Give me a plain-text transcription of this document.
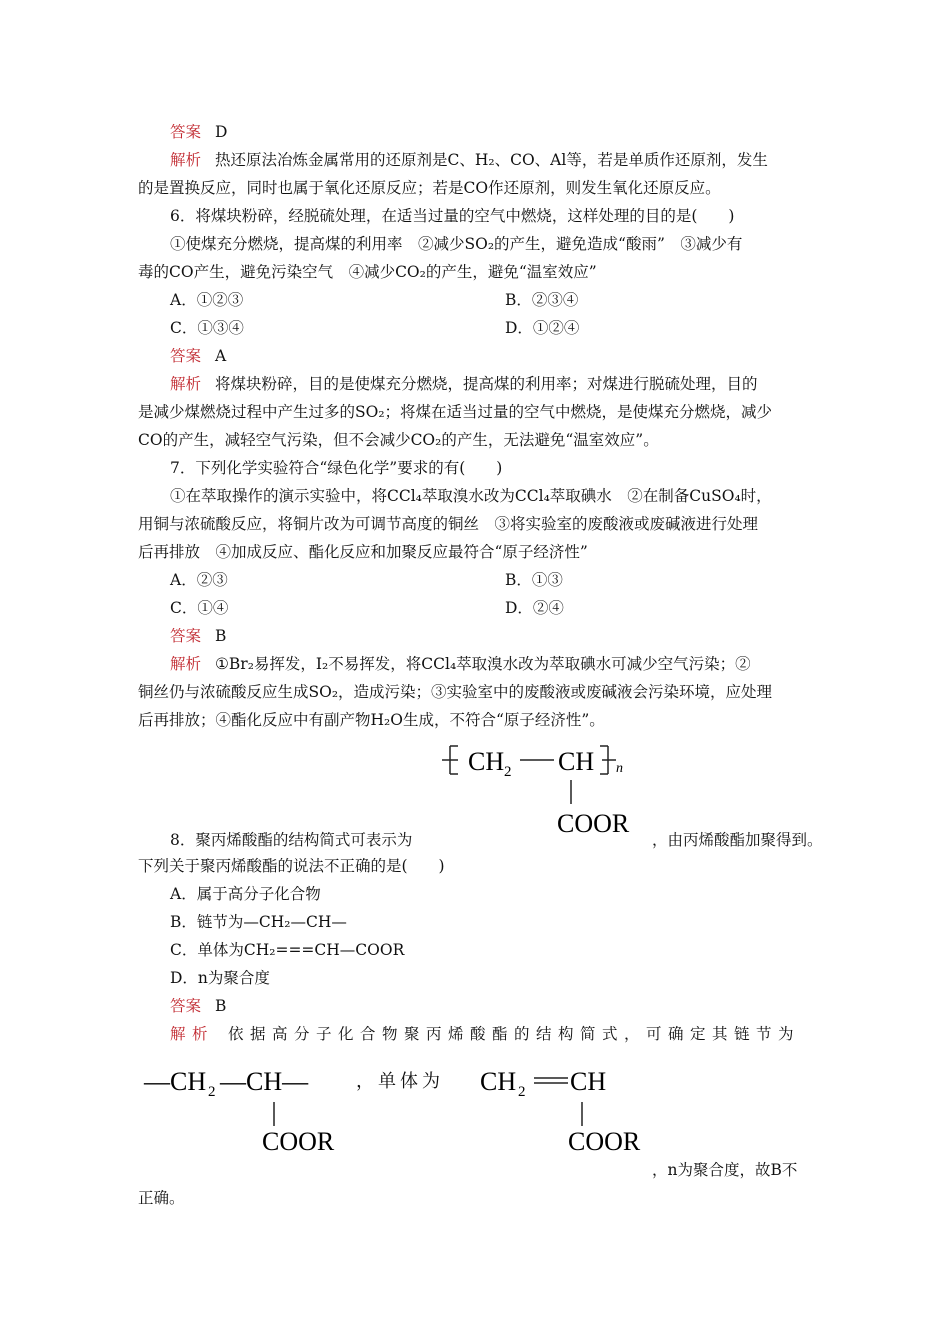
答案 D
解析 热还原法冶炼金属常用的还原剂是C、H₂、CO、Al等，若是单质作还原剂，发生
的是置换反应，同时也属于氧化还原反应；若是CO作还原剂，则发生氧化还原反应。
6．将煤块粉碎，经脱硫处理，在适当过量的空气中燃烧，这样处理的目的是(　　)
①使煤充分燃烧，提高煤的利用率　②减少SO₂的产生，避免造成“酸雨”　③减少有
毒的CO产生，避免污染空气　④减少CO₂的产生，避免“温室效应”
A．①②③	B．②③④
C．①③④	D．①②④
答案 A
解析 将煤块粉碎，目的是使煤充分燃烧，提高煤的利用率；对煤进行脱硫处理，目的
是减少煤燃烧过程中产生过多的SO₂；将煤在适当过量的空气中燃烧，是使煤充分燃烧，减少
CO的产生，减轻空气污染，但不会减少CO₂的产生，无法避免“温室效应”。
7．下列化学实验符合“绿色化学”要求的有(　　)
①在萃取操作的演示实验中，将CCl₄萃取溴水改为CCl₄萃取碘水　②在制备CuSO₄时，
用铜与浓硫酸反应，将铜片改为可调节高度的铜丝　③将实验室的废酸液或废碱液进行处理
后再排放　④加成反应、酯化反应和加聚反应最符合“原子经济性”
A．②③	B．①③
C．①④	D．②④
答案 B
解析 ①Br₂易挥发，I₂不易挥发，将CCl₄萃取溴水改为萃取碘水可减少空气污染；②
铜丝仍与浓硫酸反应生成SO₂，造成污染；③实验室中的废酸液或废碱液会污染环境，应处理
后再排放；④酯化反应中有副产物H₂O生成，不符合“原子经济性”。
CH 2 CH n
COOR
8．聚丙烯酸酯的结构简式可表示为	，由丙烯酸酯加聚得到。
下列关于聚丙烯酸酯的说法不正确的是(　　)
A．属于高分子化合物
B．链节为—CH₂—CH—
C．单体为CH₂===CH—COOR
D．n为聚合度
答案 B
解析 依据高分子化合物聚丙烯酸酯的结构简式，可确定其链节为
—CH 2 —CH—
COOR
，单体为 CH 2 CH
COOR
，n为聚合度，故B不
正确。
